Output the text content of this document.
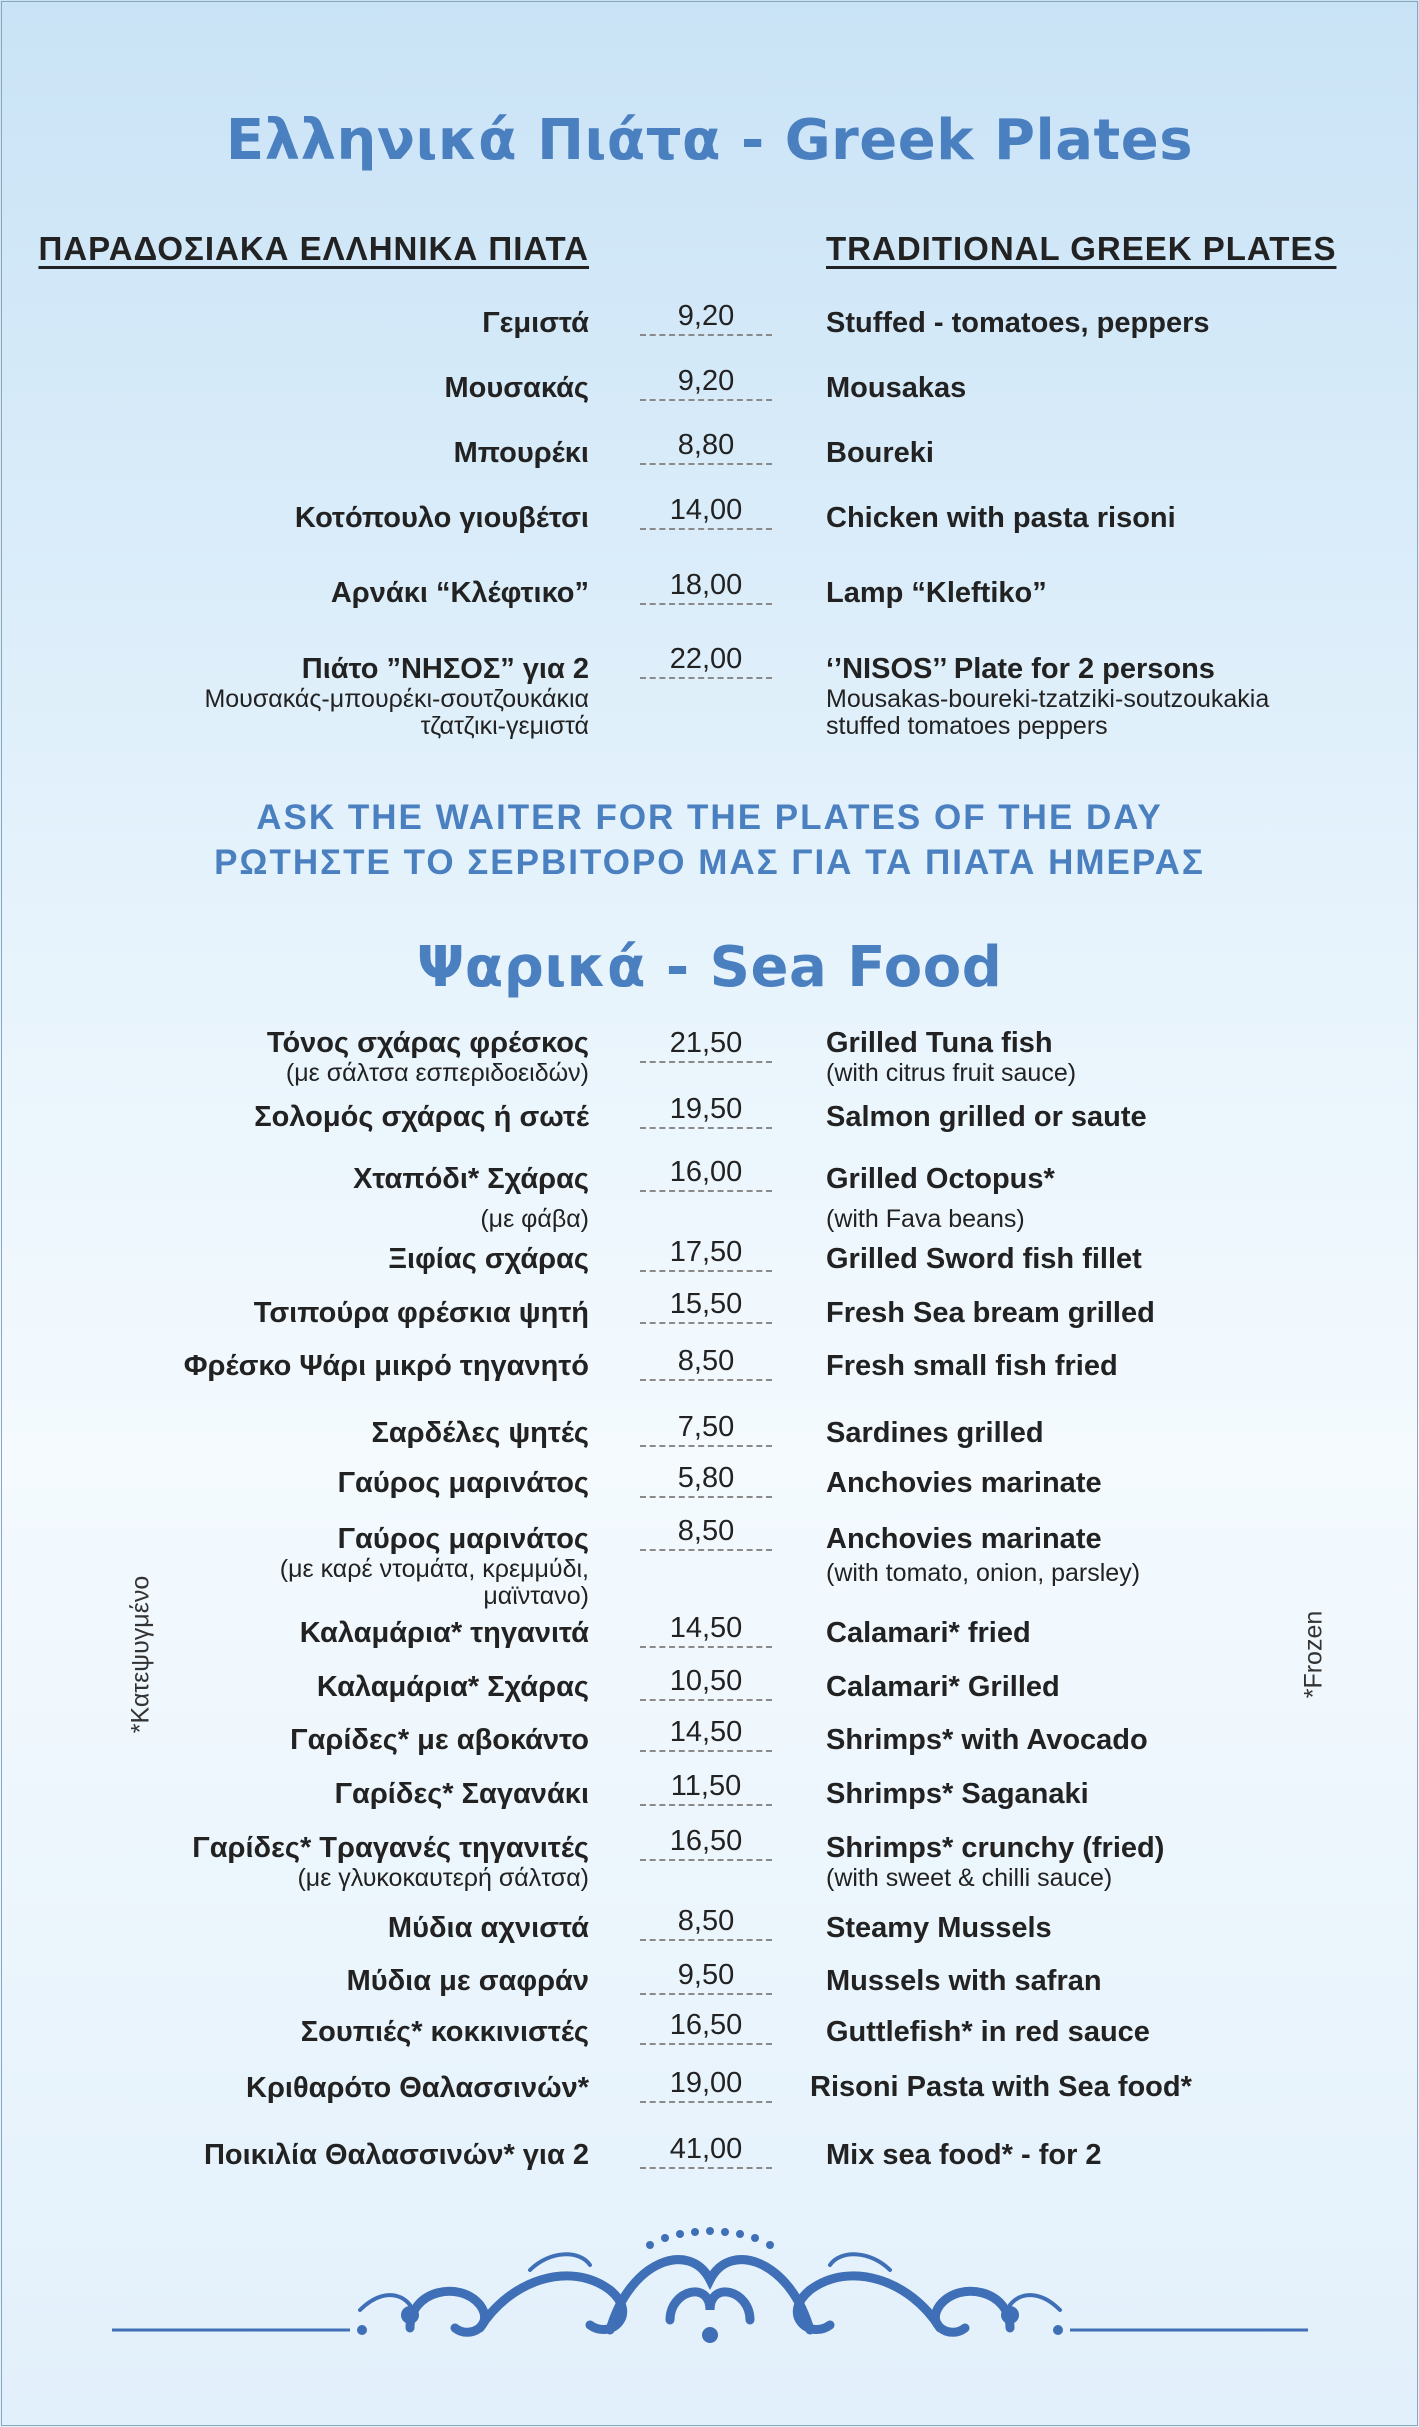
Ελληνικά Πιάτα - Greek Plates
ΠΑΡΑΔΟΣΙΑΚΑ ΕΛΛΗΝΙΚΑ ΠΙΑΤΑ	TRADITIONAL GREEK PLATES
Γεμιστά	9,20	Stuffed - tomatoes, peppers
Μουσακάς	9,20	Mousakas
Μπουρέκι	8,80	Boureki
Κοτόπουλο γιουβέτσι	14,00	Chicken with pasta risoni
Αρνάκι “Κλέφτικο”	18,00	Lamp “Kleftiko”
Πιάτο ”ΝΗΣΟΣ” για 2
Μουσακάς-μπουρέκι-σουτζουκάκια
τζατζικι-γεμιστά
22,00	‘’NISOS’’ Plate for 2 persons
Mousakas-boureki-tzatziki-soutzoukakia
stuffed tomatoes peppers
ASK THE WAITER FOR THE PLATES OF THE DAY
ΡΩΤΗΣΤΕ ΤΟ ΣΕΡΒΙΤΟΡΟ ΜΑΣ ΓΙΑ ΤΑ ΠΙΑΤΑ ΗΜΕΡΑΣ
Ψαρικά - Sea Food
Τόνος σχάρας φρέσκος
(με σάλτσα εσπεριδοειδών)
21,50	Grilled Tuna fish
(with citrus fruit sauce)
Σολομός σχάρας ή σωτέ	19,50	Salmon grilled or saute
Χταπόδι* Σχάρας
(με φάβα)
16,00	Grilled Octopus*
(with Fava beans)
Ξιφίας σχάρας	17,50	Grilled Sword fish fillet
Τσιπούρα φρέσκια ψητή	15,50	Fresh Sea bream grilled
Φρέσκο Ψάρι μικρό τηγανητό	8,50	Fresh small fish fried
Σαρδέλες ψητές	7,50	Sardines grilled
Γαύρος μαρινάτος	5,80	Anchovies marinate
Γαύρος μαρινάτος
(με καρέ ντομάτα, κρεμμύδι,
μαϊντανο)
8,50	Anchovies marinate
(with tomato, onion, parsley)
Καλαμάρια* τηγανιτά	14,50	Calamari* fried
Καλαμάρια* Σχάρας	10,50	Calamari* Grilled
Γαρίδες* με αβοκάντο	14,50	Shrimps* with Avocado
Γαρίδες* Σαγανάκι	11,50	Shrimps* Saganaki
Γαρίδες* Τραγανές τηγανιτές
(με γλυκοκαυτερή σάλτσα)
16,50	Shrimps* crunchy (fried)
(with sweet & chilli sauce)
Μύδια αχνιστά	8,50	Steamy Mussels
Μύδια με σαφράν	9,50	Mussels with safran
Σουπιές* κοκκινιστές	16,50	Guttlefish* in red sauce
Κριθαρότο Θαλασσινών*	19,00	Risoni Pasta with Sea food*
Ποικιλία Θαλασσινών* για 2	41,00	Mix sea food* - for 2
*Κατεψυγμένο	*Frozen
